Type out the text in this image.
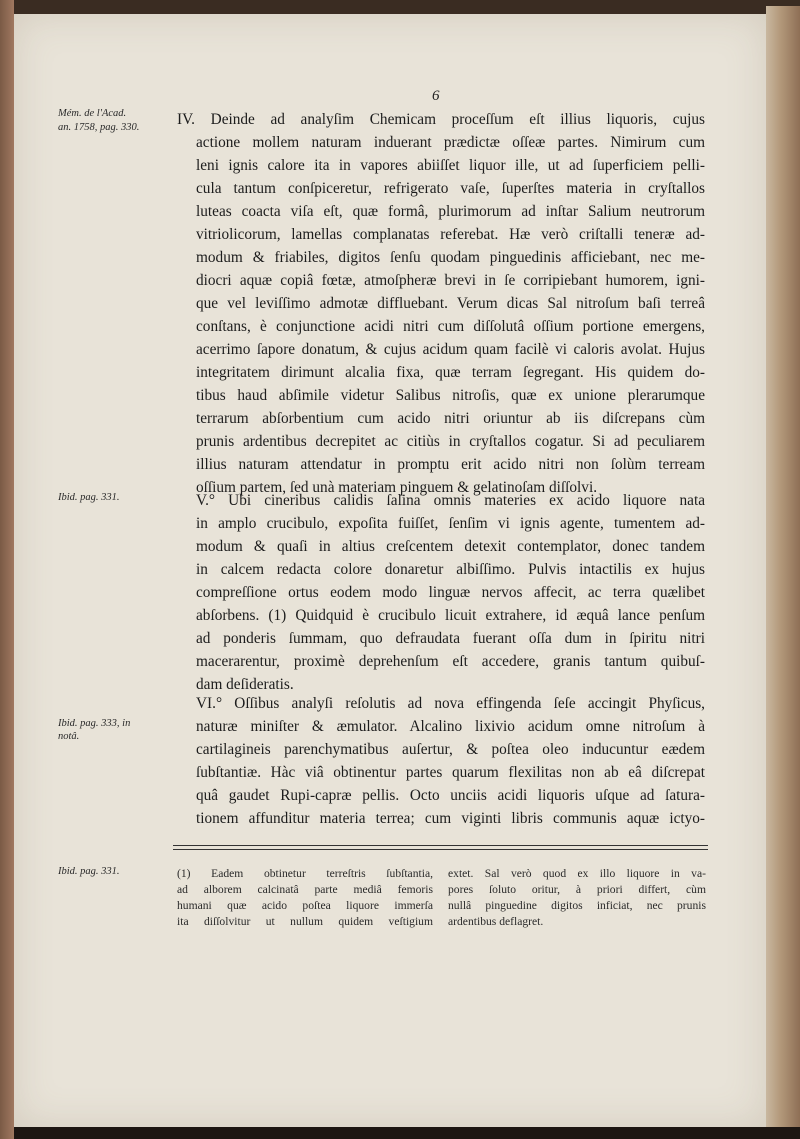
6
Mém. de l'Acad.
an. 1758, pag. 330.
Ibid. pag. 331.
Ibid. pag. 333, in
notâ.
Ibid. pag. 331.
IV. Deinde ad analyſim Chemicam proceſſum eſt illius liquoris, cujus
actione mollem naturam induerant prædictæ oſſeæ partes. Nimirum cum
leni ignis calore ita in vapores abiiſſet liquor ille, ut ad ſuperficiem pelli-
cula tantum conſpiceretur, refrigerato vaſe, ſuperſtes materia in cryſtallos
luteas coacta viſa eſt, quæ formâ, plurimorum ad inſtar Salium neutrorum
vitriolicorum, lamellas complanatas referebat. Hæ verò criſtalli teneræ ad-
modum & friabiles, digitos ſenſu quodam pinguedinis afficiebant, nec me-
diocri aquæ copiâ fœtæ, atmoſpheræ brevi in ſe corripiebant humorem, igni-
que vel leviſſimo admotæ diffluebant. Verum dicas Sal nitroſum baſi terreâ
conſtans, è conjunctione acidi nitri cum diſſolutâ oſſium portione emergens,
acerrimo ſapore donatum, & cujus acidum quam facilè vi caloris avolat. Hujus
integritatem dirimunt alcalia fixa, quæ terram ſegregant. His quidem do-
tibus haud abſimile videtur Salibus nitroſis, quæ ex unione plerarumque
terrarum abſorbentium cum acido nitri oriuntur ab iis diſcrepans cùm
prunis ardentibus decrepitet ac citiùs in cryſtallos cogatur. Si ad peculiarem
illius naturam attendatur in promptu erit acido nitri non ſolùm terream
oſſium partem, ſed unà materiam pinguem & gelatinoſam diſſolvi.
V.° Ubi cineribus calidis ſalina omnis materies ex acido liquore nata
in amplo crucibulo, expoſita fuiſſet, ſenſim vi ignis agente, tumentem ad-
modum & quaſi in altius creſcentem detexit contemplator, donec tandem
in calcem redacta colore donaretur albiſſimo. Pulvis intactilis ex hujus
compreſſione ortus eodem modo linguæ nervos affecit, ac terra quælibet
abſorbens. (1) Quidquid è crucibulo licuit extrahere, id æquâ lance penſum
ad ponderis ſummam, quo defraudata fuerant oſſa dum in ſpiritu nitri
macerarentur, proximè deprehenſum eſt accedere, granis tantum quibuſ-
dam deſideratis.
VI.° Oſſibus analyſi reſolutis ad nova effingenda ſeſe accingit Phyſicus,
naturæ miniſter & æmulator. Alcalino lixivio acidum omne nitroſum à
cartilagineis parenchymatibus auſertur, & poſtea oleo inducuntur eædem
ſubſtantiæ. Hàc viâ obtinentur partes quarum flexilitas non ab eâ diſcrepat
quâ gaudet Rupi-capræ pellis. Octo unciis acidi liquoris uſque ad ſatura-
tionem affunditur materia terrea; cum viginti libris communis aquæ ictyo-
(1) Eadem obtinetur terreſtris ſubſtantia,
ad alborem calcinatâ parte mediâ femoris
humani quæ acido poſtea liquore immerſa
ita diſſolvitur ut nullum quidem veſtigium
extet. Sal verò quod ex illo liquore in va-
pores ſoluto oritur, à priori differt, cùm
nullâ pinguedine digitos inficiat, nec prunis
ardentibus deflagret.
